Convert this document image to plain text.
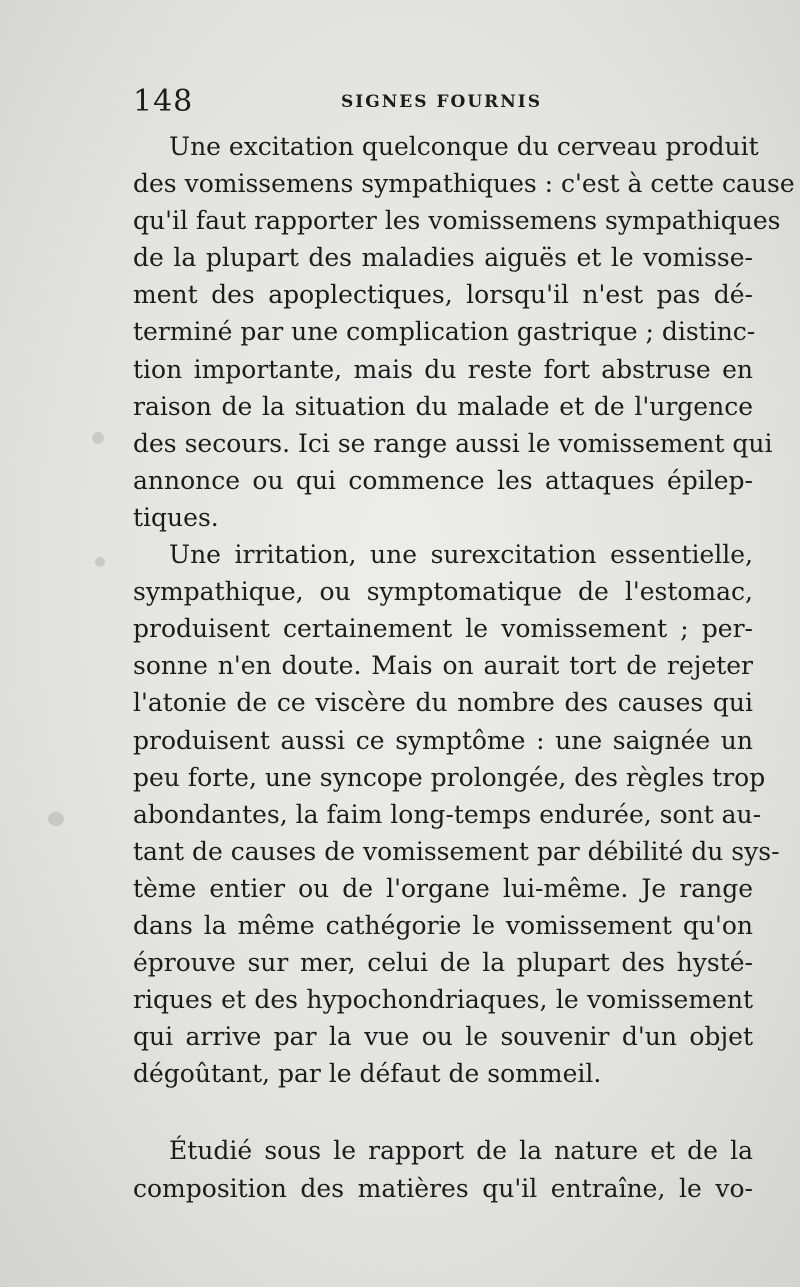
148	SIGNES FOURNIS
Une excitation quelconque du cerveau produit
des vomissemens sympathiques : c'est à cette cause
qu'il faut rapporter les vomissemens sympathiques
de la plupart des maladies aiguës et le vomisse-
ment des apoplectiques, lorsqu'il n'est pas dé-
terminé par une complication gastrique ; distinc-
tion importante, mais du reste fort abstruse en
raison de la situation du malade et de l'urgence
des secours. Ici se range aussi le vomissement qui
annonce ou qui commence les attaques épilep-
tiques.
Une irritation, une surexcitation essentielle,
sympathique, ou symptomatique de l'estomac,
produisent certainement le vomissement ; per-
sonne n'en doute. Mais on aurait tort de rejeter
l'atonie de ce viscère du nombre des causes qui
produisent aussi ce symptôme : une saignée un
peu forte, une syncope prolongée, des règles trop
abondantes, la faim long-temps endurée, sont au-
tant de causes de vomissement par débilité du sys-
tème entier ou de l'organe lui-même. Je range
dans la même cathégorie le vomissement qu'on
éprouve sur mer, celui de la plupart des hysté-
riques et des hypochondriaques, le vomissement
qui arrive par la vue ou le souvenir d'un objet
dégoûtant, par le défaut de sommeil.
Étudié sous le rapport de la nature et de la
composition des matières qu'il entraîne, le vo-
